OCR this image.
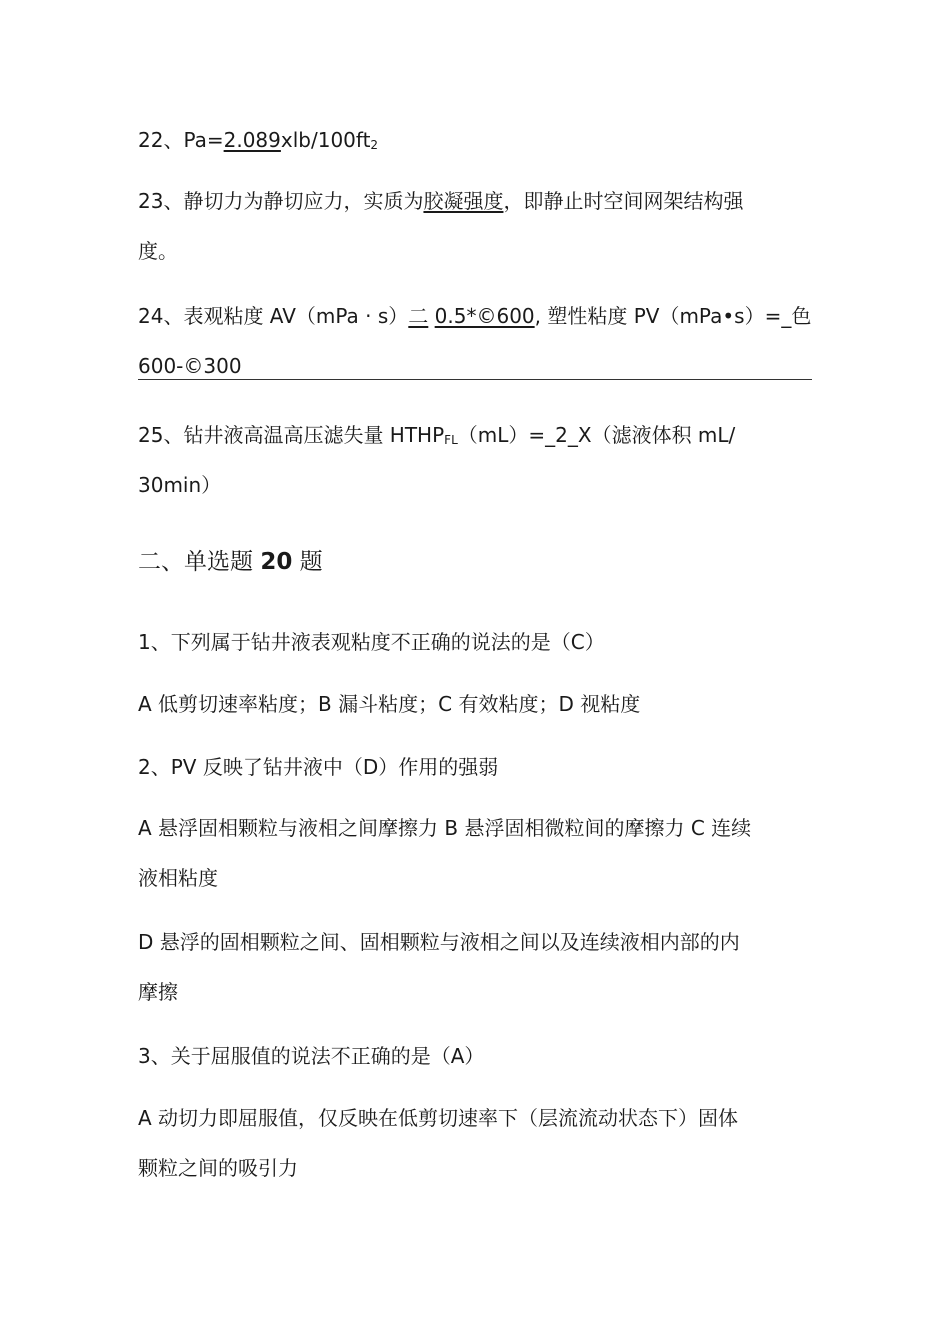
22、Pa=2.089xlb/100ft2
23、静切力为静切应力，实质为胶凝强度，即静止时空间网架结构强
度。
24、表观粘度 AV（mPa · s）二 0.5*©600, 塑性粘度 PV（mPa•s）=_色
600-©300
25、钻井液高温高压滤失量 HTHPFL（mL）=_2_X（滤液体积 mL/
30min）
二、单选题 20 题
1、下列属于钻井液表观粘度不正确的说法的是（C）
A 低剪切速率粘度；B 漏斗粘度；C 有效粘度；D 视粘度
2、PV 反映了钻井液中（D）作用的强弱
A 悬浮固相颗粒与液相之间摩擦力 B 悬浮固相微粒间的摩擦力 C 连续
液相粘度
D 悬浮的固相颗粒之间、固相颗粒与液相之间以及连续液相内部的内
摩擦
3、关于屈服值的说法不正确的是（A）
A 动切力即屈服值，仅反映在低剪切速率下（层流流动状态下）固体
颗粒之间的吸引力
